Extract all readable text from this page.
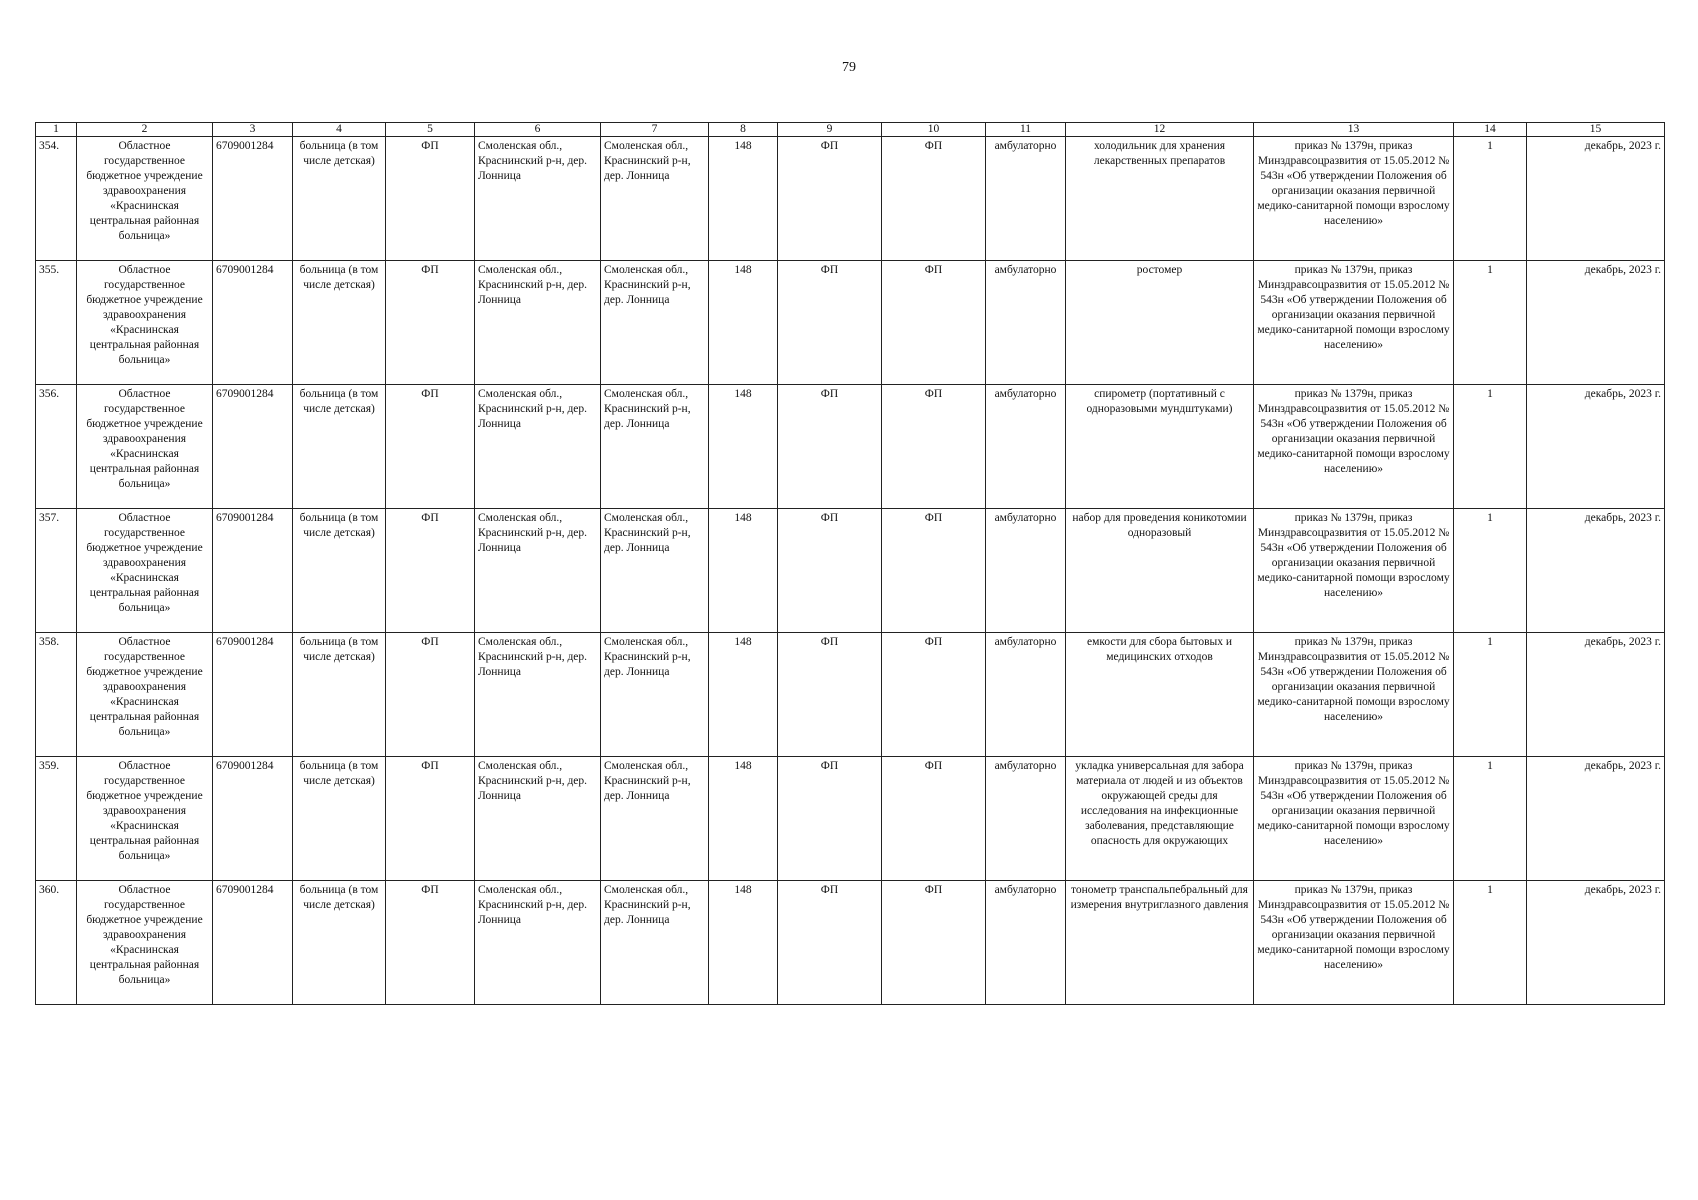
79
1	2	3	4	5	6	7	8	9	10	11	12	13	14	15
354.	Областное государственное бюджетное учреждение здравоохранения «Краснинская центральная районная больница»	6709001284	больница (в том числе детская)	ФП	Смоленская обл., Краснинский р-н, дер. Лонница	Смоленская обл., Краснинский р-н, дер. Лонница	148	ФП	ФП	амбулаторно	холодильник для хранения лекарственных препаратов	приказ № 1379н, приказ Минздравсоцразвития от 15.05.2012 № 543н «Об утверждении Положения об организации оказания первичной медико-санитарной помощи взрослому населению»	1	декабрь, 2023 г.
355.	Областное государственное бюджетное учреждение здравоохранения «Краснинская центральная районная больница»	6709001284	больница (в том числе детская)	ФП	Смоленская обл., Краснинский р-н, дер. Лонница	Смоленская обл., Краснинский р-н, дер. Лонница	148	ФП	ФП	амбулаторно	ростомер	приказ № 1379н, приказ Минздравсоцразвития от 15.05.2012 № 543н «Об утверждении Положения об организации оказания первичной медико-санитарной помощи взрослому населению»	1	декабрь, 2023 г.
356.	Областное государственное бюджетное учреждение здравоохранения «Краснинская центральная районная больница»	6709001284	больница (в том числе детская)	ФП	Смоленская обл., Краснинский р-н, дер. Лонница	Смоленская обл., Краснинский р-н, дер. Лонница	148	ФП	ФП	амбулаторно	спирометр (портативный с одноразовыми мундштуками)	приказ № 1379н, приказ Минздравсоцразвития от 15.05.2012 № 543н «Об утверждении Положения об организации оказания первичной медико-санитарной помощи взрослому населению»	1	декабрь, 2023 г.
357.	Областное государственное бюджетное учреждение здравоохранения «Краснинская центральная районная больница»	6709001284	больница (в том числе детская)	ФП	Смоленская обл., Краснинский р-н, дер. Лонница	Смоленская обл., Краснинский р-н, дер. Лонница	148	ФП	ФП	амбулаторно	набор для проведения коникотомии одноразовый	приказ № 1379н, приказ Минздравсоцразвития от 15.05.2012 № 543н «Об утверждении Положения об организации оказания первичной медико-санитарной помощи взрослому населению»	1	декабрь, 2023 г.
358.	Областное государственное бюджетное учреждение здравоохранения «Краснинская центральная районная больница»	6709001284	больница (в том числе детская)	ФП	Смоленская обл., Краснинский р-н, дер. Лонница	Смоленская обл., Краснинский р-н, дер. Лонница	148	ФП	ФП	амбулаторно	емкости для сбора бытовых и медицинских отходов	приказ № 1379н, приказ Минздравсоцразвития от 15.05.2012 № 543н «Об утверждении Положения об организации оказания первичной медико-санитарной помощи взрослому населению»	1	декабрь, 2023 г.
359.	Областное государственное бюджетное учреждение здравоохранения «Краснинская центральная районная больница»	6709001284	больница (в том числе детская)	ФП	Смоленская обл., Краснинский р-н, дер. Лонница	Смоленская обл., Краснинский р-н, дер. Лонница	148	ФП	ФП	амбулаторно	укладка универсальная для забора материала от людей и из объектов окружающей среды для исследования на инфекционные заболевания, представляющие опасность для окружающих	приказ № 1379н, приказ Минздравсоцразвития от 15.05.2012 № 543н «Об утверждении Положения об организации оказания первичной медико-санитарной помощи взрослому населению»	1	декабрь, 2023 г.
360.	Областное государственное бюджетное учреждение здравоохранения «Краснинская центральная районная больница»	6709001284	больница (в том числе детская)	ФП	Смоленская обл., Краснинский р-н, дер. Лонница	Смоленская обл., Краснинский р-н, дер. Лонница	148	ФП	ФП	амбулаторно	тонометр транспальпебральный для измерения внутриглазного давления	приказ № 1379н, приказ Минздравсоцразвития от 15.05.2012 № 543н «Об утверждении Положения об организации оказания первичной медико-санитарной помощи взрослому населению»	1	декабрь, 2023 г.
